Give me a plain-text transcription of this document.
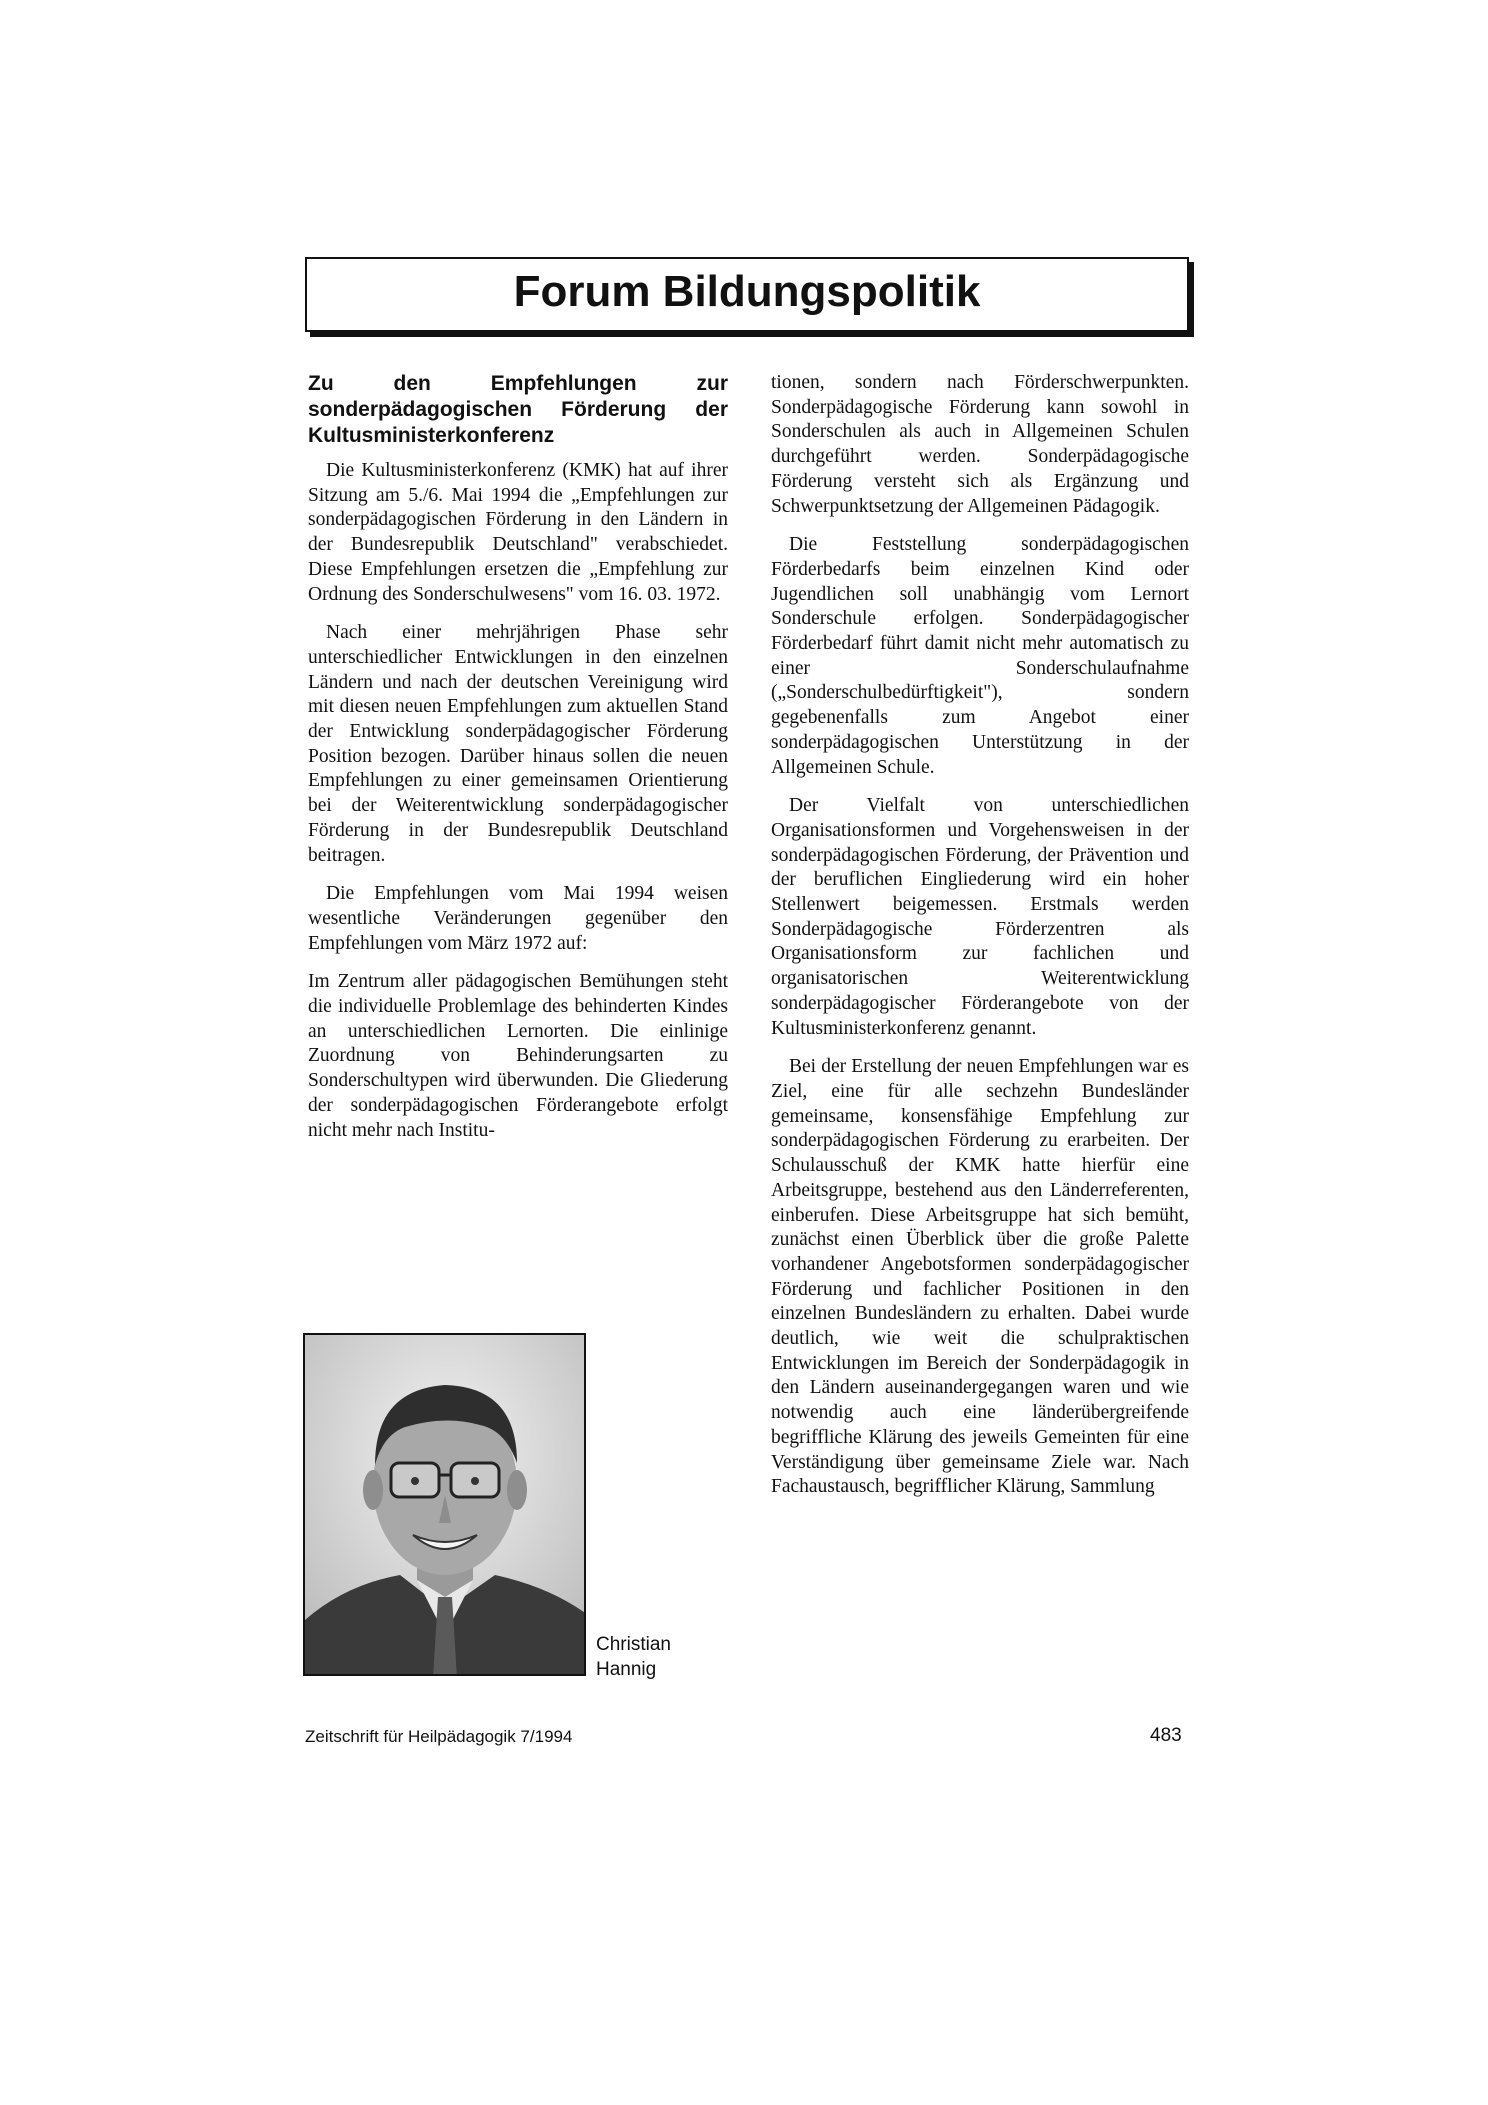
Forum Bildungspolitik
Zu den Empfehlungen zur sonderpädagogischen Förderung der Kultusministerkonferenz

Die Kultusministerkonferenz (KMK) hat auf ihrer Sitzung am 5./6. Mai 1994 die „Empfehlungen zur sonderpädagogischen Förderung in den Ländern in der Bundesrepublik Deutschland" verabschiedet. Diese Empfehlungen ersetzen die „Empfehlung zur Ordnung des Sonderschulwesens" vom 16. 03. 1972.

Nach einer mehrjährigen Phase sehr unterschiedlicher Entwicklungen in den einzelnen Ländern und nach der deutschen Vereinigung wird mit diesen neuen Empfehlungen zum aktuellen Stand der Entwicklung sonderpädagogischer Förderung Position bezogen. Darüber hinaus sollen die neuen Empfehlungen zu einer gemeinsamen Orientierung bei der Weiterentwicklung sonderpädagogischer Förderung in der Bundesrepublik Deutschland beitragen.

Die Empfehlungen vom Mai 1994 weisen wesentliche Veränderungen gegenüber den Empfehlungen vom März 1972 auf:

Im Zentrum aller pädagogischen Bemühungen steht die individuelle Problemlage des behinderten Kindes an unterschiedlichen Lernorten. Die einlinige Zuordnung von Behinderungsarten zu Sonderschultypen wird überwunden. Die Gliederung der sonderpädagogischen Förderangebote erfolgt nicht mehr nach Institu-

Christian
Hannig

tionen, sondern nach Förderschwerpunkten. Sonderpädagogische Förderung kann sowohl in Sonderschulen als auch in Allgemeinen Schulen durchgeführt werden. Sonderpädagogische Förderung versteht sich als Ergänzung und Schwerpunktsetzung der Allgemeinen Pädagogik.

Die Feststellung sonderpädagogischen Förderbedarfs beim einzelnen Kind oder Jugendlichen soll unabhängig vom Lernort Sonderschule erfolgen. Sonderpädagogischer Förderbedarf führt damit nicht mehr automatisch zu einer Sonderschulaufnahme („Sonderschulbedürftigkeit"), sondern gegebenenfalls zum Angebot einer sonderpädagogischen Unterstützung in der Allgemeinen Schule.

Der Vielfalt von unterschiedlichen Organisationsformen und Vorgehensweisen in der sonderpädagogischen Förderung, der Prävention und der beruflichen Eingliederung wird ein hoher Stellenwert beigemessen. Erstmals werden Sonderpädagogische Förderzentren als Organisationsform zur fachlichen und organisatorischen Weiterentwicklung sonderpädagogischer Förderangebote von der Kultusministerkonferenz genannt.

Bei der Erstellung der neuen Empfehlungen war es Ziel, eine für alle sechzehn Bundesländer gemeinsame, konsensfähige Empfehlung zur sonderpädagogischen Förderung zu erarbeiten. Der Schulausschuß der KMK hatte hierfür eine Arbeitsgruppe, bestehend aus den Länderreferenten, einberufen. Diese Arbeitsgruppe hat sich bemüht, zunächst einen Überblick über die große Palette vorhandener Angebotsformen sonderpädagogischer Förderung und fachlicher Positionen in den einzelnen Bundesländern zu erhalten. Dabei wurde deutlich, wie weit die schulpraktischen Entwicklungen im Bereich der Sonderpädagogik in den Ländern auseinandergegangen waren und wie notwendig auch eine länderübergreifende begriffliche Klärung des jeweils Gemeinten für eine Verständigung über gemeinsame Ziele war. Nach Fachaustausch, begrifflicher Klärung, Sammlung

Zeitschrift für Heilpädagogik 7/1994	483
